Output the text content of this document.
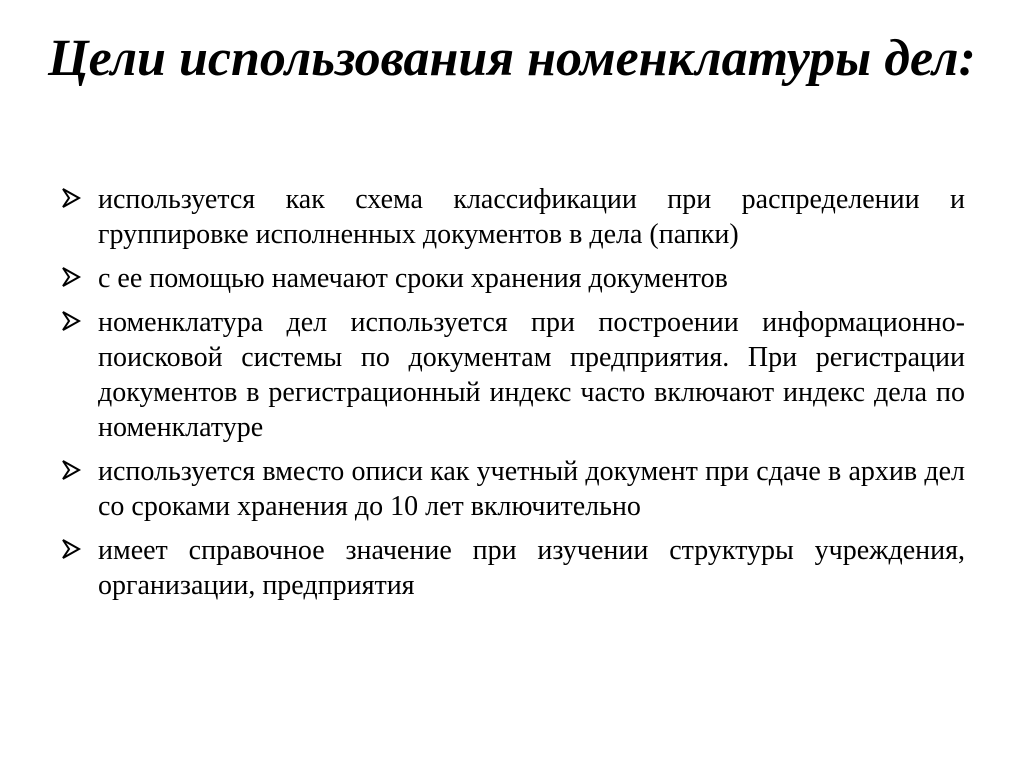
Цели использования номенклатуры дел:
используется как схема классификации при распределении и группировке исполненных документов в дела (папки)
с ее помощью намечают сроки хранения документов
номенклатура дел используется при построении информационно-поисковой системы по документам предприятия. При регистрации документов в регистрационный индекс часто включают индекс дела по номенклатуре
используется вместо описи как учетный документ при сдаче в архив дел со сроками хранения до 10 лет включительно
имеет справочное значение при изучении структуры учреждения, организации, предприятия
